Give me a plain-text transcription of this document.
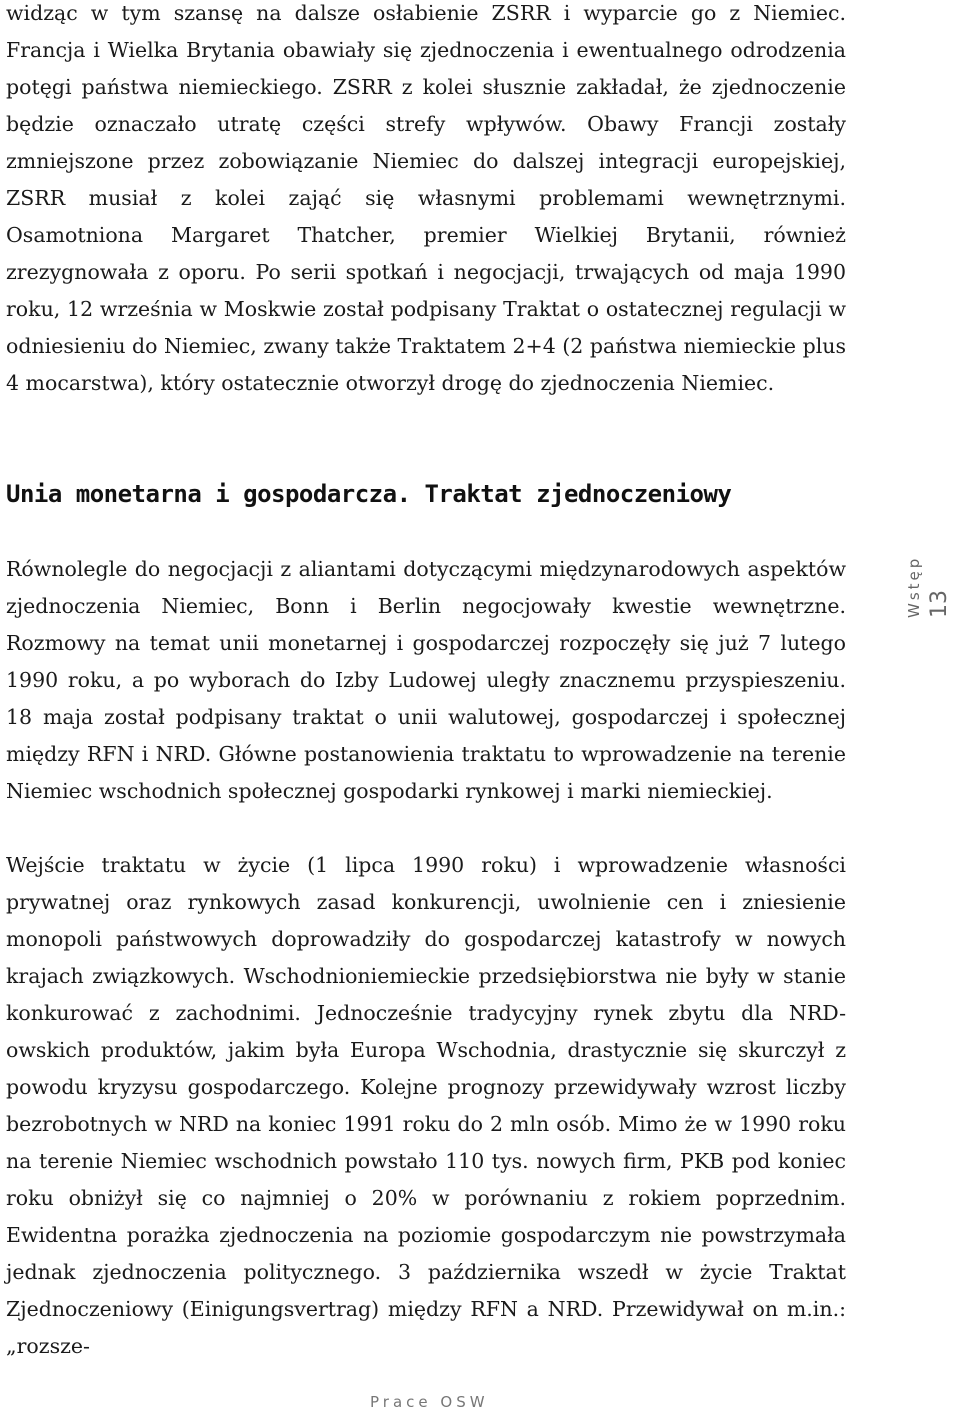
widząc w tym szansę na dalsze osłabienie ZSRR i wyparcie go z Niemiec. Francja i Wielka Brytania obawiały się zjednoczenia i ewentualnego odrodzenia potęgi państwa niemieckiego. ZSRR z kolei słusznie zakładał, że zjednoczenie będzie oznaczało utratę części strefy wpływów. Obawy Francji zostały zmniejszone przez zobowiązanie Niemiec do dalszej integracji europejskiej, ZSRR musiał z kolei zająć się własnymi problemami wewnętrznymi. Osamotniona Margaret Thatcher, premier Wielkiej Brytanii, również zrezygnowała z oporu. Po serii spotkań i negocjacji, trwających od maja 1990 roku, 12 września w Moskwie został podpisany Traktat o ostatecznej regulacji w odniesieniu do Niemiec, zwany także Traktatem 2+4 (2 państwa niemieckie plus 4 mocarstwa), który ostatecznie otworzył drogę do zjednoczenia Niemiec.

Unia monetarna i gospodarcza. Traktat zjednoczeniowy

Równolegle do negocjacji z aliantami dotyczącymi międzynarodowych aspektów zjednoczenia Niemiec, Bonn i Berlin negocjowały kwestie wewnętrzne. Rozmowy na temat unii monetarnej i gospodarczej rozpoczęły się już 7 lutego 1990 roku, a po wyborach do Izby Ludowej uległy znacznemu przyspieszeniu. 18 maja został podpisany traktat o unii walutowej, gospodarczej i społecznej między RFN i NRD. Główne postanowienia traktatu to wprowadzenie na terenie Niemiec wschodnich społecznej gospodarki rynkowej i marki niemieckiej.

Wejście traktatu w życie (1 lipca 1990 roku) i wprowadzenie własności prywatnej oraz rynkowych zasad konkurencji, uwolnienie cen i zniesienie monopoli państwowych doprowadziły do gospodarczej katastrofy w nowych krajach związkowych. Wschodnioniemieckie przedsiębiorstwa nie były w stanie konkurować z zachodnimi. Jednocześnie tradycyjny rynek zbytu dla NRD-owskich produktów, jakim była Europa Wschodnia, drastycznie się skurczył z powodu kryzysu gospodarczego. Kolejne prognozy przewidywały wzrost liczby bezrobotnych w NRD na koniec 1991 roku do 2 mln osób. Mimo że w 1990 roku na terenie Niemiec wschodnich powstało 110 tys. nowych firm, PKB pod koniec roku obniżył się co najmniej o 20% w porównaniu z rokiem poprzednim. Ewidentna porażka zjednoczenia na poziomie gospodarczym nie powstrzymała jednak zjednoczenia politycznego. 3 października wszedł w życie Traktat Zjednoczeniowy (Einigungsvertrag) między RFN a NRD. Przewidywał on m.in.: „rozsze-

Wstęp 13
Prace OSW
